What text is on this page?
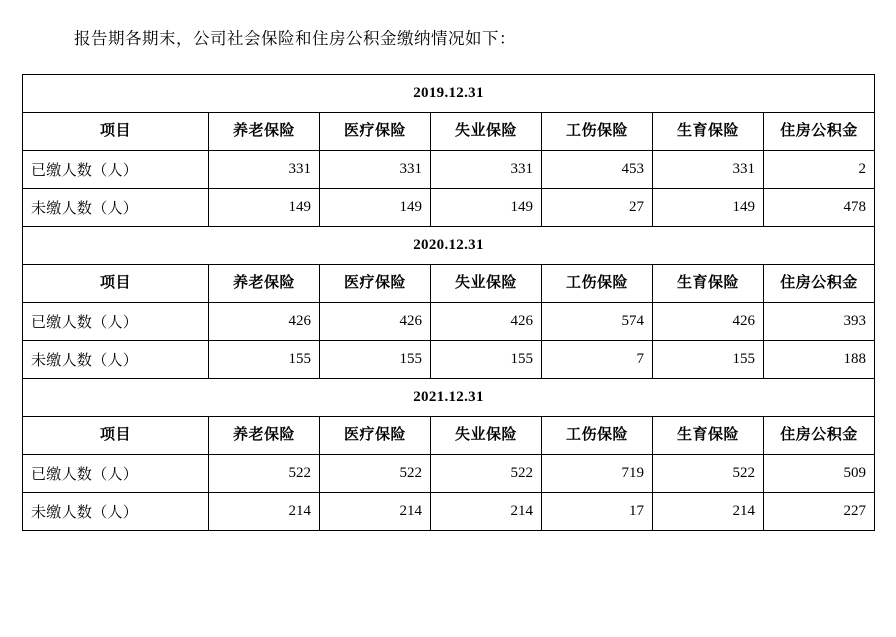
报告期各期末，公司社会保险和住房公积金缴纳情况如下：

2019.12.31						
项目	养老保险	医疗保险	失业保险	工伤保险	生育保险	住房公积金
已缴人数（人）	331	331	331	453	331	2
未缴人数（人）	149	149	149	27	149	478
2020.12.31						
项目	养老保险	医疗保险	失业保险	工伤保险	生育保险	住房公积金
已缴人数（人）	426	426	426	574	426	393
未缴人数（人）	155	155	155	7	155	188
2021.12.31						
项目	养老保险	医疗保险	失业保险	工伤保险	生育保险	住房公积金
已缴人数（人）	522	522	522	719	522	509
未缴人数（人）	214	214	214	17	214	227
